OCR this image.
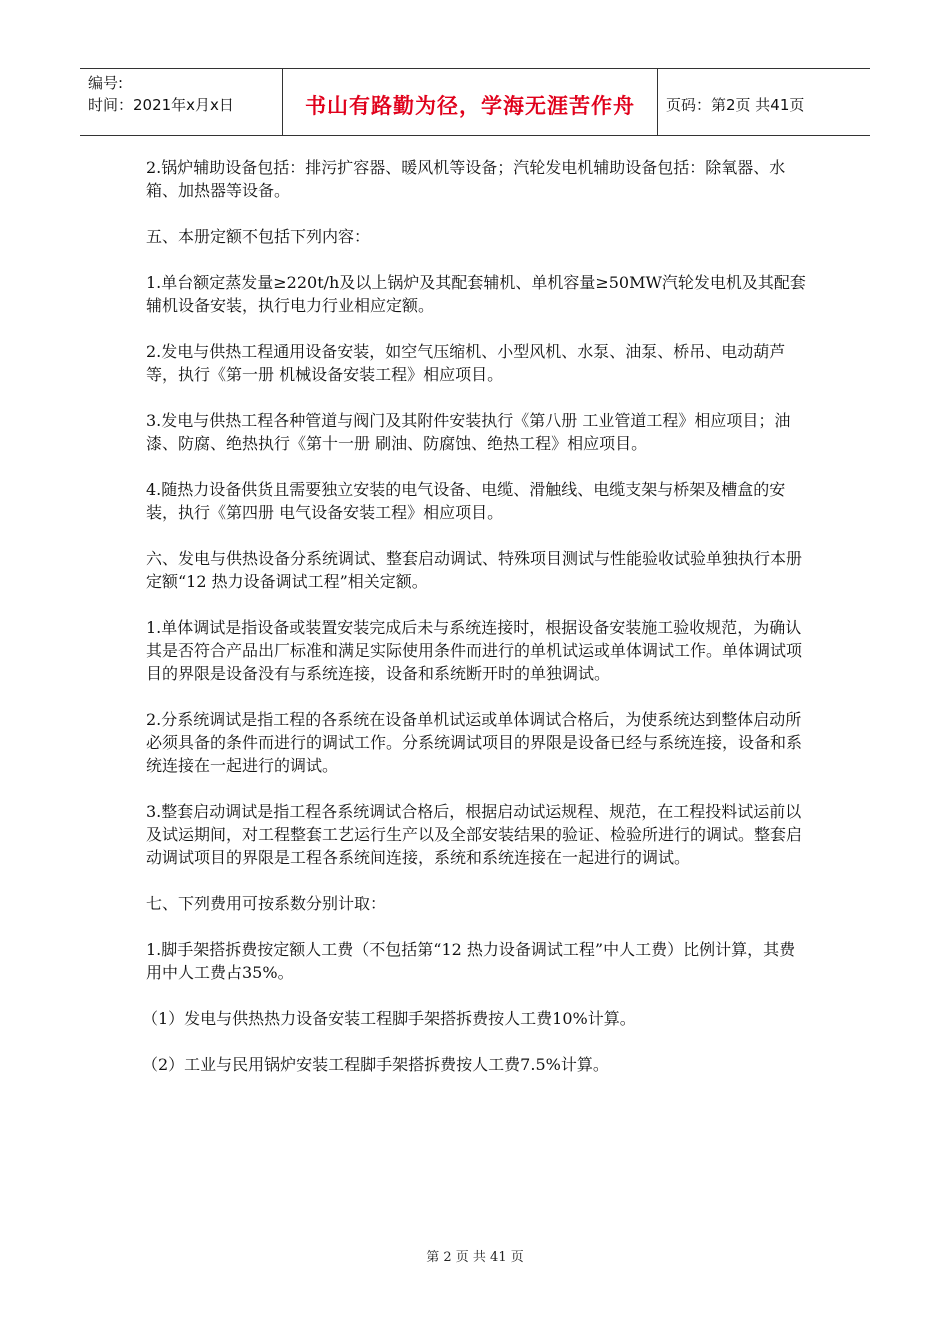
编号:
时间：2021年x月x日	书山有路勤为径，学海无涯苦作舟	页码：第2页 共41页

2.锅炉辅助设备包括：排污扩容器、暖风机等设备；汽轮发电机辅助设备包括：除氧器、水箱、加热器等设备。

五、本册定额不包括下列内容：

1.单台额定蒸发量≥220t/h及以上锅炉及其配套辅机、单机容量≥50MW汽轮发电机及其配套辅机设备安装，执行电力行业相应定额。

2.发电与供热工程通用设备安装，如空气压缩机、小型风机、水泵、油泵、桥吊、电动葫芦等，执行《第一册 机械设备安装工程》相应项目。

3.发电与供热工程各种管道与阀门及其附件安装执行《第八册 工业管道工程》相应项目；油漆、防腐、绝热执行《第十一册 刷油、防腐蚀、绝热工程》相应项目。

4.随热力设备供货且需要独立安装的电气设备、电缆、滑触线、电缆支架与桥架及槽盒的安装，执行《第四册 电气设备安装工程》相应项目。

六、发电与供热设备分系统调试、整套启动调试、特殊项目测试与性能验收试验单独执行本册定额“12 热力设备调试工程”相关定额。

1.单体调试是指设备或装置安装完成后未与系统连接时，根据设备安装施工验收规范，为确认其是否符合产品出厂标准和满足实际使用条件而进行的单机试运或单体调试工作。单体调试项目的界限是设备没有与系统连接，设备和系统断开时的单独调试。

2.分系统调试是指工程的各系统在设备单机试运或单体调试合格后，为使系统达到整体启动所必须具备的条件而进行的调试工作。分系统调试项目的界限是设备已经与系统连接，设备和系统连接在一起进行的调试。

3.整套启动调试是指工程各系统调试合格后，根据启动试运规程、规范，在工程投料试运前以及试运期间，对工程整套工艺运行生产以及全部安装结果的验证、检验所进行的调试。整套启动调试项目的界限是工程各系统间连接，系统和系统连接在一起进行的调试。

七、下列费用可按系数分别计取：

1.脚手架搭拆费按定额人工费（不包括第“12 热力设备调试工程”中人工费）比例计算，其费用中人工费占35%。

（1）发电与供热热力设备安装工程脚手架搭拆费按人工费10%计算。

（2）工业与民用锅炉安装工程脚手架搭拆费按人工费7.5%计算。

第 2 页 共 41 页
